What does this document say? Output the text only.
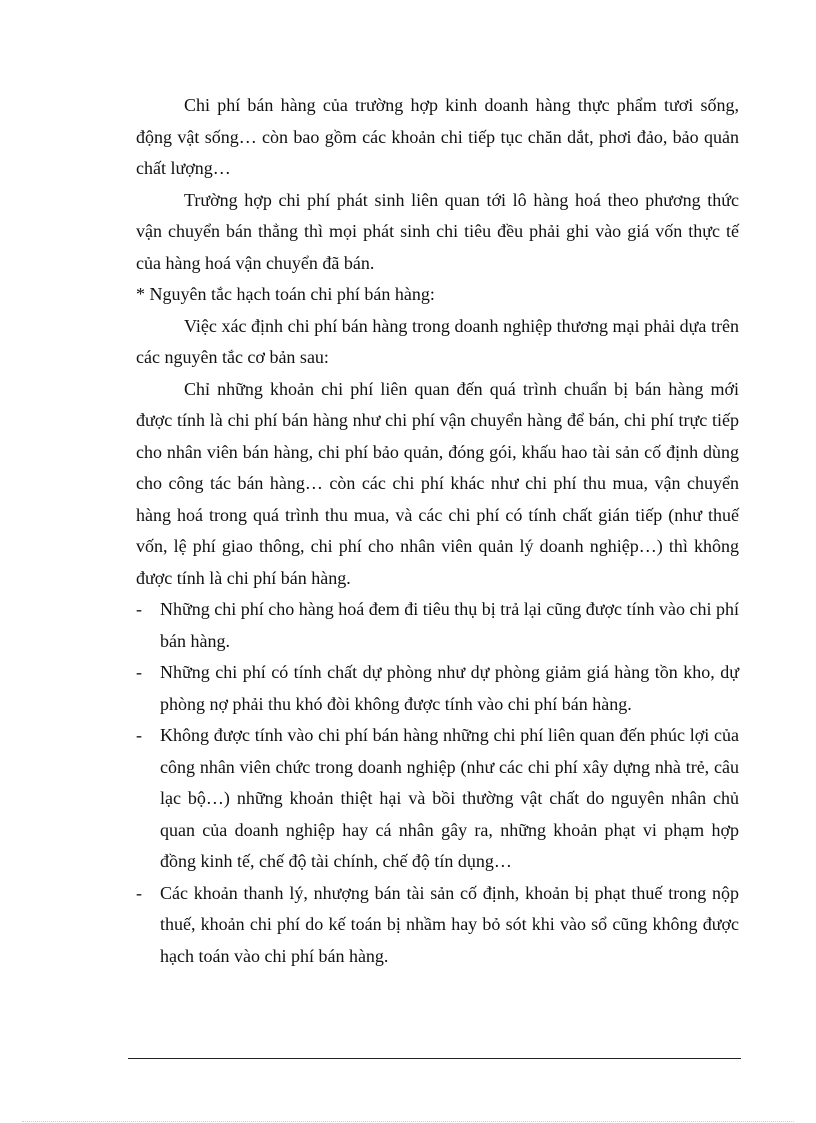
Chi phí bán hàng của trường hợp kinh doanh hàng thực phẩm tươi sống, động vật sống… còn bao gồm các khoản chi tiếp tục chăn dắt, phơi đảo, bảo quản chất lượng…

Trường hợp chi phí phát sinh liên quan tới lô hàng hoá theo phương thức vận chuyển bán thẳng thì mọi phát sinh chi tiêu đều phải ghi vào giá vốn thực tế của hàng hoá vận chuyển đã bán.

* Nguyên tắc hạch toán chi phí bán hàng:

Việc xác định chi phí bán hàng trong doanh nghiệp thương mại phải dựa trên các nguyên tắc cơ bản sau:

Chỉ những khoản chi phí liên quan đến quá trình chuẩn bị bán hàng mới được tính là chi phí bán hàng như chi phí vận chuyển hàng để bán, chi phí trực tiếp cho nhân viên bán hàng, chi phí bảo quản, đóng gói, khấu hao tài sản cố định dùng cho công tác bán hàng… còn các chi phí khác như chi phí thu mua, vận chuyển hàng hoá trong quá trình thu mua, và các chi phí có tính chất gián tiếp (như thuế vốn, lệ phí giao thông, chi phí cho nhân viên quản lý doanh nghiệp…) thì không được tính là chi phí bán hàng.

-	Những chi phí cho hàng hoá đem đi tiêu thụ bị trả lại cũng được tính vào chi phí bán hàng.
-	Những chi phí có tính chất dự phòng như dự phòng giảm giá hàng tồn kho, dự phòng nợ phải thu khó đòi không được tính vào chi phí bán hàng.
-	Không được tính vào chi phí bán hàng những chi phí liên quan đến phúc lợi của công nhân viên chức trong doanh nghiệp (như các chi phí xây dựng nhà trẻ, câu lạc bộ…) những khoản thiệt hại và bồi thường vật chất do nguyên nhân chủ quan của doanh nghiệp hay cá nhân gây ra, những khoản phạt vi phạm hợp đồng kinh tế, chế độ tài chính, chế độ tín dụng…
-	Các khoản thanh lý, nhượng bán tài sản cố định, khoản bị phạt thuế trong nộp thuế, khoản chi phí do kế toán bị nhầm hay bỏ sót khi vào sổ cũng không được hạch toán vào chi phí bán hàng.
